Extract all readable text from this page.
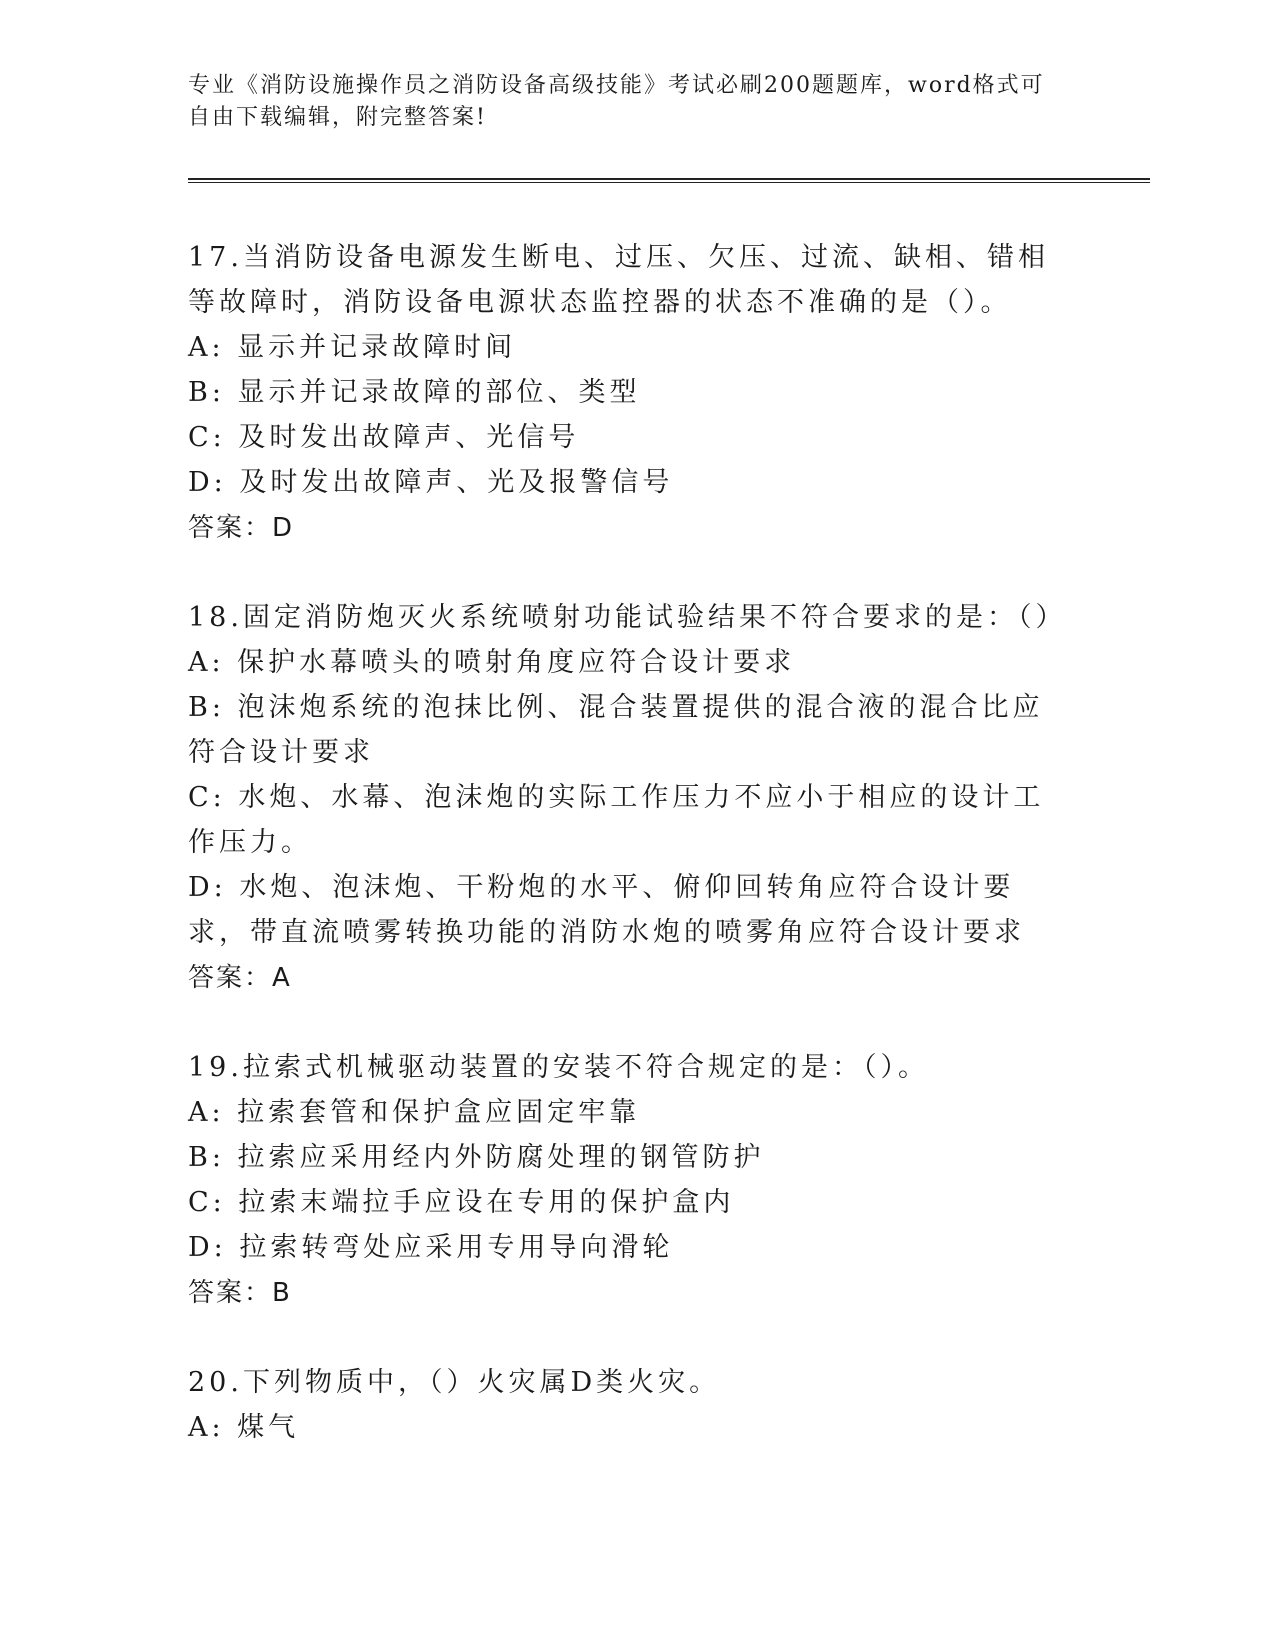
专业《消防设施操作员之消防设备高级技能》考试必刷200题题库，word格式可自由下载编辑，附完整答案!
17.当消防设备电源发生断电、过压、欠压、过流、缺相、错相等故障时，消防设备电源状态监控器的状态不准确的是（）。
A: 显示并记录故障时间
B: 显示并记录故障的部位、类型
C: 及时发出故障声、光信号
D: 及时发出故障声、光及报警信号
答案：D
18.固定消防炮灭火系统喷射功能试验结果不符合要求的是：（）
A: 保护水幕喷头的喷射角度应符合设计要求
B: 泡沫炮系统的泡抹比例、混合装置提供的混合液的混合比应符合设计要求
C: 水炮、水幕、泡沫炮的实际工作压力不应小于相应的设计工作压力。
D: 水炮、泡沫炮、干粉炮的水平、俯仰回转角应符合设计要求，带直流喷雾转换功能的消防水炮的喷雾角应符合设计要求
答案：A
19.拉索式机械驱动装置的安装不符合规定的是：（）。
A: 拉索套管和保护盒应固定牢靠
B: 拉索应采用经内外防腐处理的钢管防护
C: 拉索末端拉手应设在专用的保护盒内
D: 拉索转弯处应采用专用导向滑轮
答案：B
20.下列物质中，（）火灾属D类火灾。
A: 煤气
